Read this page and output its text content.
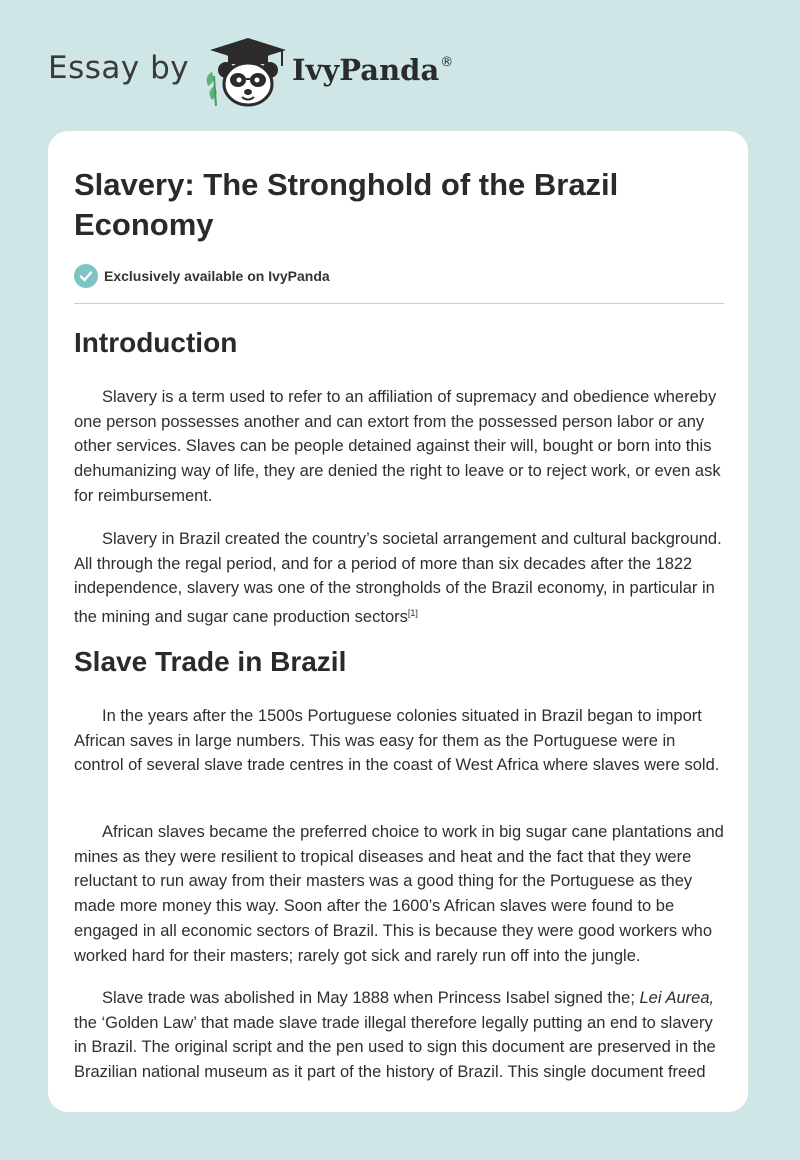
Essay by	IvyPanda®
Slavery: The Stronghold of the Brazil Economy
Exclusively available on IvyPanda
Introduction

Slavery is a term used to refer to an affiliation of supremacy and obedience whereby one person possesses another and can extort from the possessed person labor or any other services. Slaves can be people detained against their will, bought or born into this dehumanizing way of life, they are denied the right to leave or to reject work, or even ask for reimbursement.

Slavery in Brazil created the country’s societal arrangement and cultural background. All through the regal period, and for a period of more than six decades after the 1822 independence, slavery was one of the strongholds of the Brazil economy, in particular in the mining and sugar cane production sectors[1]

Slave Trade in Brazil

In the years after the 1500s Portuguese colonies situated in Brazil began to import African saves in large numbers. This was easy for them as the Portuguese were in control of several slave trade centres in the coast of West Africa where slaves were sold.

African slaves became the preferred choice to work in big sugar cane plantations and mines as they were resilient to tropical diseases and heat and the fact that they were reluctant to run away from their masters was a good thing for the Portuguese as they made more money this way. Soon after the 1600’s African slaves were found to be engaged in all economic sectors of Brazil. This is because they were good workers who worked hard for their masters; rarely got sick and rarely run off into the jungle.

Slave trade was abolished in May 1888 when Princess Isabel signed the; Lei Aurea, the ‘Golden Law’ that made slave trade illegal therefore legally putting an end to slavery in Brazil. The original script and the pen used to sign this document are preserved in the Brazilian national museum as it part of the history of Brazil. This single document freed
